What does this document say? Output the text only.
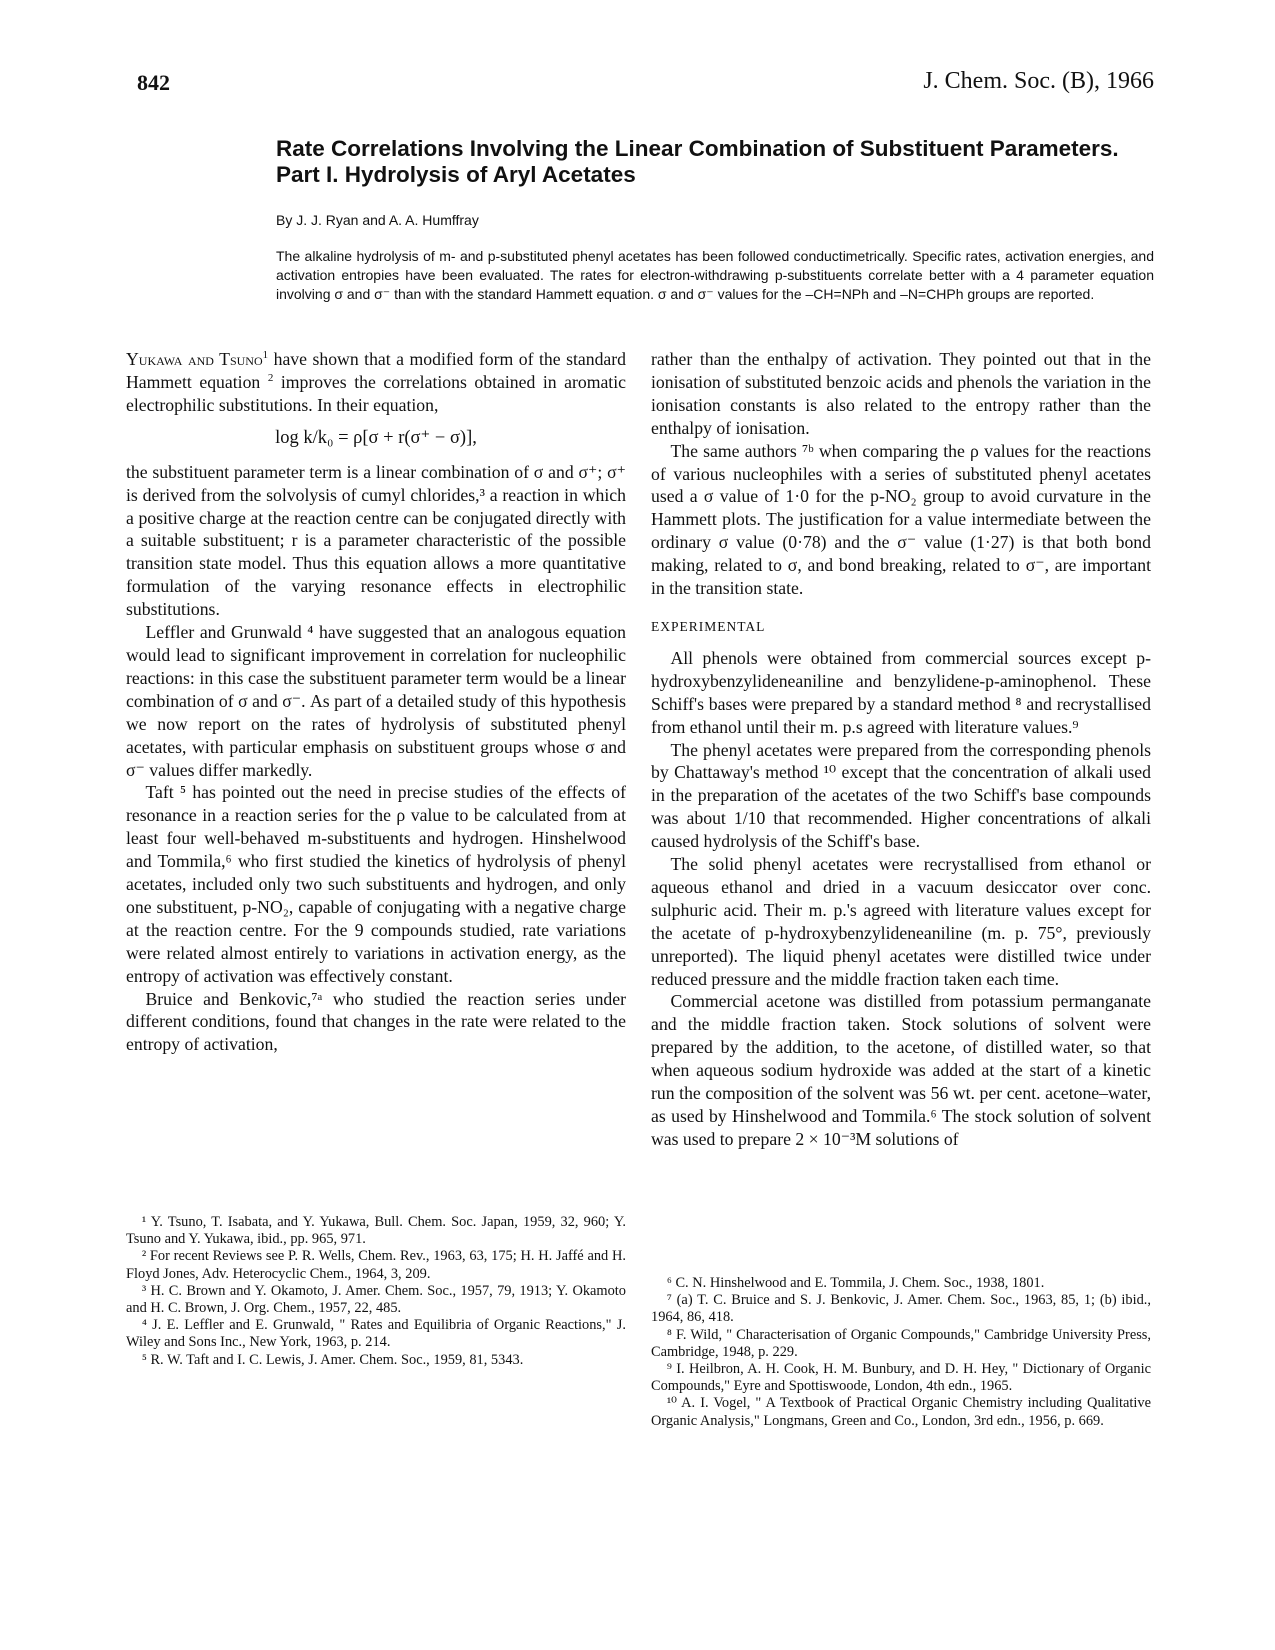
842	J. Chem. Soc. (B), 1966
Rate Correlations Involving the Linear Combination of Substituent Parameters. Part I. Hydrolysis of Aryl Acetates
By J. J. Ryan and A. A. Humffray

The alkaline hydrolysis of m- and p-substituted phenyl acetates has been followed conductimetrically. Specific rates, activation energies, and activation entropies have been evaluated. The rates for electron-withdrawing p-substituents correlate better with a 4 parameter equation involving σ and σ⁻ than with the standard Hammett equation. σ and σ⁻ values for the –CH=NPh and –N=CHPh groups are reported.

Yukawa and Tsuno$^1$ have shown that a modified form of the standard Hammett equation $^2$ improves the correlations obtained in aromatic electrophilic substitutions. In their equation,

log k/k₀ = ρ[σ + r(σ⁺ − σ)],

the substituent parameter term is a linear combination of σ and σ⁺; σ⁺ is derived from the solvolysis of cumyl chlorides,³ a reaction in which a positive charge at the reaction centre can be conjugated directly with a suitable substituent; r is a parameter characteristic of the possible transition state model. Thus this equation allows a more quantitative formulation of the varying resonance effects in electrophilic substitutions.

Leffler and Grunwald ⁴ have suggested that an analogous equation would lead to significant improvement in correlation for nucleophilic reactions: in this case the substituent parameter term would be a linear combination of σ and σ⁻. As part of a detailed study of this hypothesis we now report on the rates of hydrolysis of substituted phenyl acetates, with particular emphasis on substituent groups whose σ and σ⁻ values differ markedly.

Taft ⁵ has pointed out the need in precise studies of the effects of resonance in a reaction series for the ρ value to be calculated from at least four well-behaved m-substituents and hydrogen. Hinshelwood and Tommila,⁶ who first studied the kinetics of hydrolysis of phenyl acetates, included only two such substituents and hydrogen, and only one substituent, p-NO₂, capable of conjugating with a negative charge at the reaction centre. For the 9 compounds studied, rate variations were related almost entirely to variations in activation energy, as the entropy of activation was effectively constant.

Bruice and Benkovic,⁷ᵃ who studied the reaction series under different conditions, found that changes in the rate were related to the entropy of activation,

rather than the enthalpy of activation. They pointed out that in the ionisation of substituted benzoic acids and phenols the variation in the ionisation constants is also related to the entropy rather than the enthalpy of ionisation.

The same authors ⁷ᵇ when comparing the ρ values for the reactions of various nucleophiles with a series of substituted phenyl acetates used a σ value of 1·0 for the p-NO₂ group to avoid curvature in the Hammett plots. The justification for a value intermediate between the ordinary σ value (0·78) and the σ⁻ value (1·27) is that both bond making, related to σ, and bond breaking, related to σ⁻, are important in the transition state.

EXPERIMENTAL

All phenols were obtained from commercial sources except p-hydroxybenzylideneaniline and benzylidene-p-aminophenol. These Schiff's bases were prepared by a standard method ⁸ and recrystallised from ethanol until their m. p.s agreed with literature values.⁹

The phenyl acetates were prepared from the corresponding phenols by Chattaway's method ¹⁰ except that the concentration of alkali used in the preparation of the acetates of the two Schiff's base compounds was about 1/10 that recommended. Higher concentrations of alkali caused hydrolysis of the Schiff's base.

The solid phenyl acetates were recrystallised from ethanol or aqueous ethanol and dried in a vacuum desiccator over conc. sulphuric acid. Their m. p.'s agreed with literature values except for the acetate of p-hydroxybenzylideneaniline (m. p. 75°, previously unreported). The liquid phenyl acetates were distilled twice under reduced pressure and the middle fraction taken each time.

Commercial acetone was distilled from potassium permanganate and the middle fraction taken. Stock solutions of solvent were prepared by the addition, to the acetone, of distilled water, so that when aqueous sodium hydroxide was added at the start of a kinetic run the composition of the solvent was 56 wt. per cent. acetone–water, as used by Hinshelwood and Tommila.⁶ The stock solution of solvent was used to prepare 2 × 10⁻³M solutions of

¹ Y. Tsuno, T. Isabata, and Y. Yukawa, Bull. Chem. Soc. Japan, 1959, 32, 960; Y. Tsuno and Y. Yukawa, ibid., pp. 965, 971.

² For recent Reviews see P. R. Wells, Chem. Rev., 1963, 63, 175; H. H. Jaffé and H. Floyd Jones, Adv. Heterocyclic Chem., 1964, 3, 209.

³ H. C. Brown and Y. Okamoto, J. Amer. Chem. Soc., 1957, 79, 1913; Y. Okamoto and H. C. Brown, J. Org. Chem., 1957, 22, 485.

⁴ J. E. Leffler and E. Grunwald, " Rates and Equilibria of Organic Reactions," J. Wiley and Sons Inc., New York, 1963, p. 214.

⁵ R. W. Taft and I. C. Lewis, J. Amer. Chem. Soc., 1959, 81, 5343.

⁶ C. N. Hinshelwood and E. Tommila, J. Chem. Soc., 1938, 1801.

⁷ (a) T. C. Bruice and S. J. Benkovic, J. Amer. Chem. Soc., 1963, 85, 1; (b) ibid., 1964, 86, 418.

⁸ F. Wild, " Characterisation of Organic Compounds," Cambridge University Press, Cambridge, 1948, p. 229.

⁹ I. Heilbron, A. H. Cook, H. M. Bunbury, and D. H. Hey, " Dictionary of Organic Compounds," Eyre and Spottiswoode, London, 4th edn., 1965.

¹⁰ A. I. Vogel, " A Textbook of Practical Organic Chemistry including Qualitative Organic Analysis," Longmans, Green and Co., London, 3rd edn., 1956, p. 669.
